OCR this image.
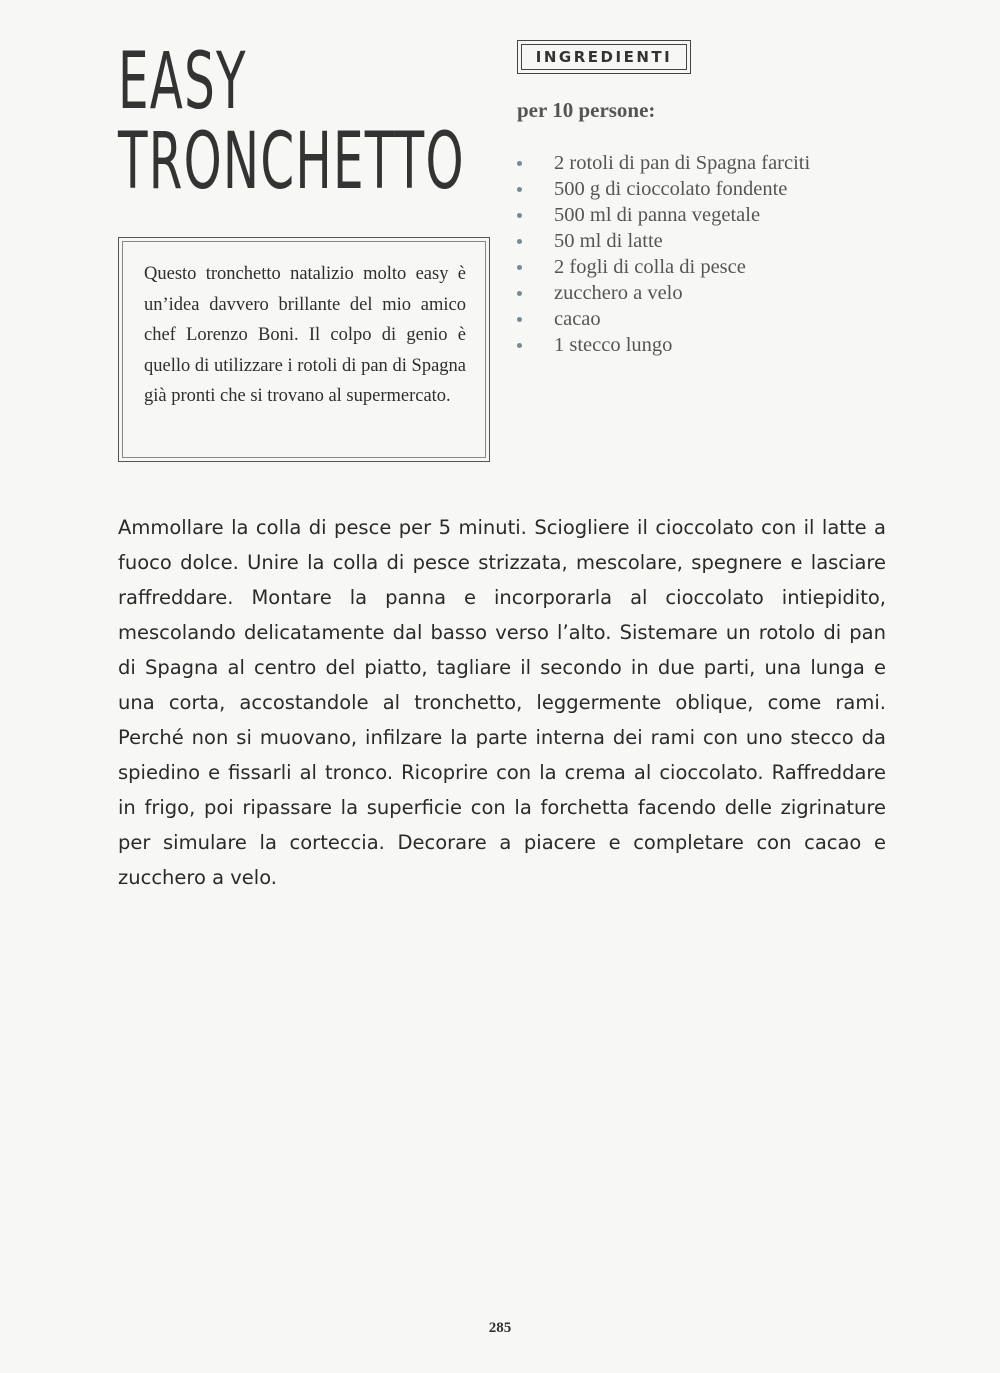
EASY
TRONCHETTO

Questo tronchetto natalizio molto easy è un’idea davvero brillante del mio amico chef Lorenzo Boni. Il colpo di genio è quello di utilizzare i rotoli di pan di Spagna già pronti che si trovano al supermercato.

INGREDIENTI

per 10 persone:

2 rotoli di pan di Spagna farciti
500 g di cioccolato fondente
500 ml di panna vegetale
50 ml di latte
2 fogli di colla di pesce
zucchero a velo
cacao
1 stecco lungo

Ammollare la colla di pesce per 5 minuti. Sciogliere il cioccolato con il latte a fuoco dolce. Unire la colla di pesce strizzata, mescolare, spegnere e lasciare raffreddare. Montare la panna e incorporarla al cioccolato intiepidito, mescolando delicatamente dal basso verso l’alto. Sistemare un rotolo di pan di Spagna al centro del piatto, tagliare il secondo in due parti, una lunga e una corta, accostandole al tronchetto, leggermente oblique, come rami. Perché non si muovano, infilzare la parte interna dei rami con uno stecco da spiedino e fissarli al tronco. Ricoprire con la crema al cioccolato. Raffreddare in frigo, poi ripassare la superficie con la forchetta facendo delle zigrinature per simulare la corteccia. Decorare a piacere e completare con cacao e zucchero a velo.

285
